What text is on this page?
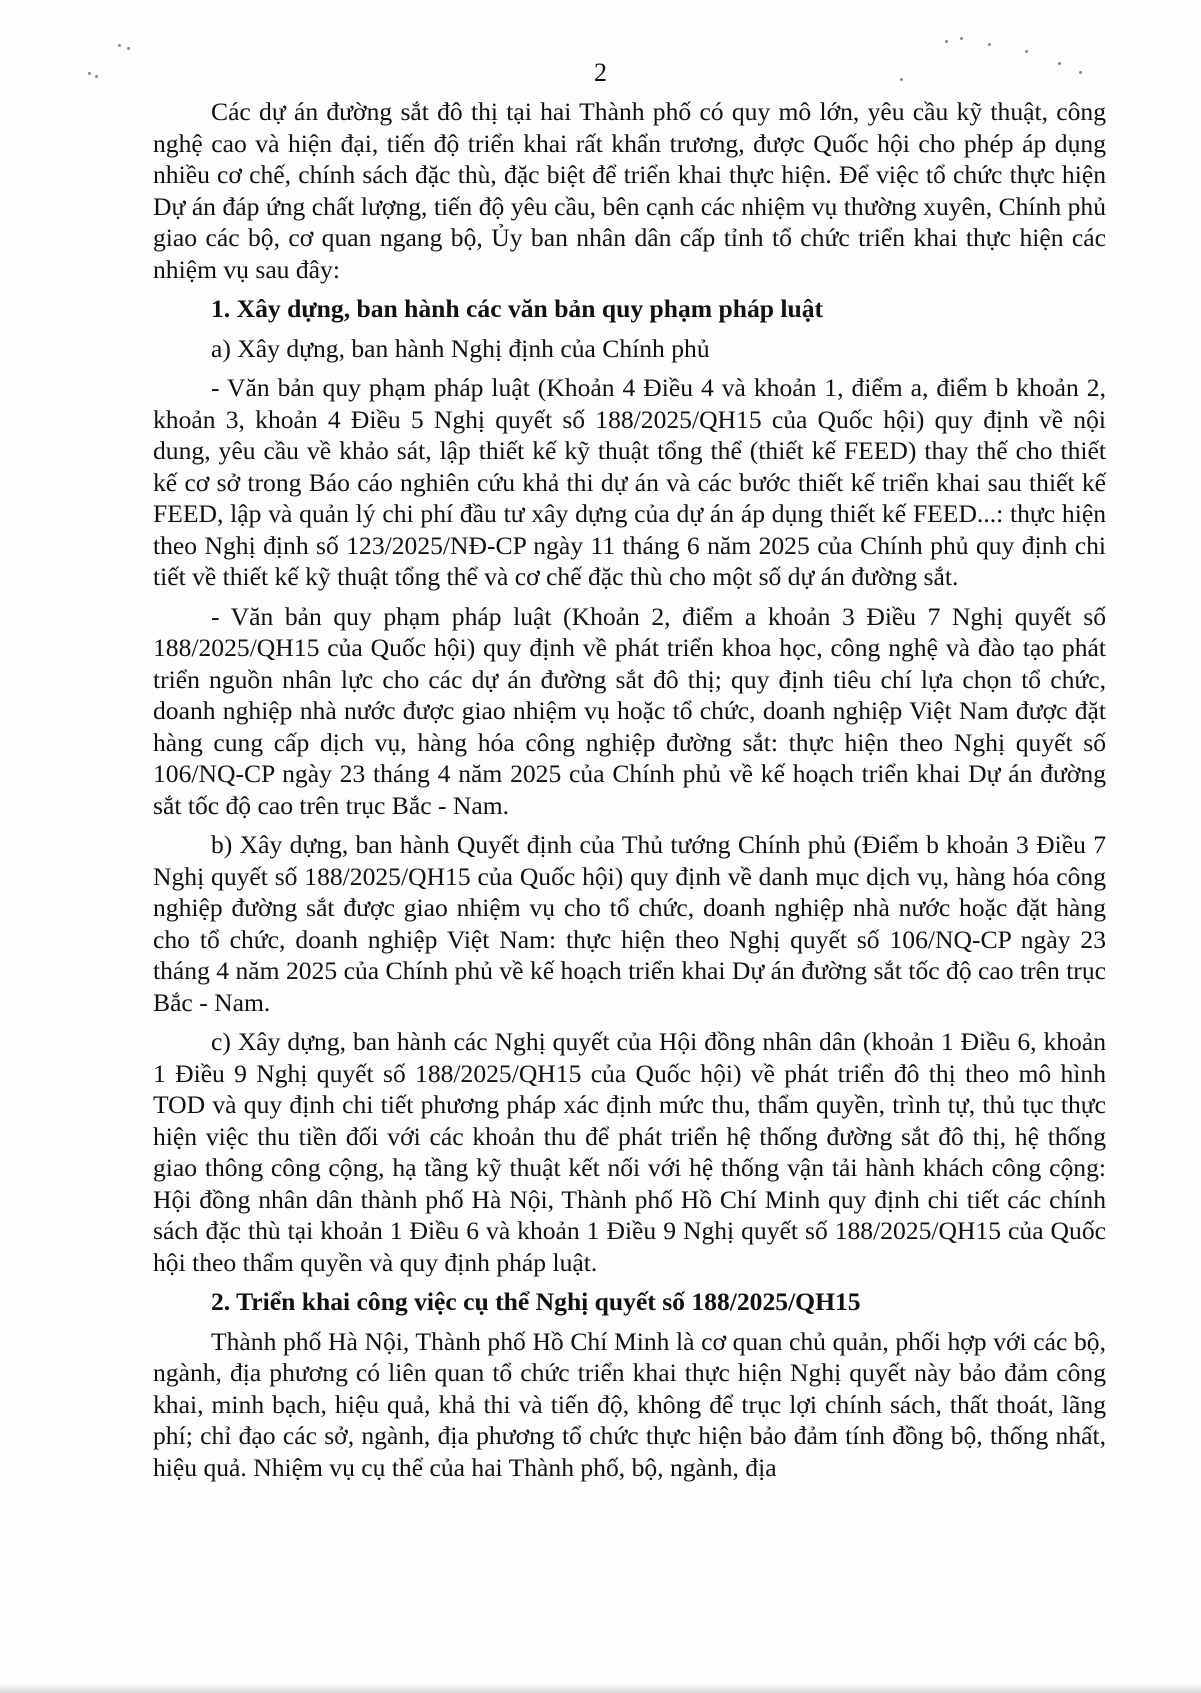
2

Các dự án đường sắt đô thị tại hai Thành phố có quy mô lớn, yêu cầu kỹ thuật, công nghệ cao và hiện đại, tiến độ triển khai rất khẩn trương, được Quốc hội cho phép áp dụng nhiều cơ chế, chính sách đặc thù, đặc biệt để triển khai thực hiện. Để việc tổ chức thực hiện Dự án đáp ứng chất lượng, tiến độ yêu cầu, bên cạnh các nhiệm vụ thường xuyên, Chính phủ giao các bộ, cơ quan ngang bộ, Ủy ban nhân dân cấp tỉnh tổ chức triển khai thực hiện các nhiệm vụ sau đây:

1. Xây dựng, ban hành các văn bản quy phạm pháp luật

a) Xây dựng, ban hành Nghị định của Chính phủ

- Văn bản quy phạm pháp luật (Khoản 4 Điều 4 và khoản 1, điểm a, điểm b khoản 2, khoản 3, khoản 4 Điều 5 Nghị quyết số 188/2025/QH15 của Quốc hội) quy định về nội dung, yêu cầu về khảo sát, lập thiết kế kỹ thuật tổng thể (thiết kế FEED) thay thế cho thiết kế cơ sở trong Báo cáo nghiên cứu khả thi dự án và các bước thiết kế triển khai sau thiết kế FEED, lập và quản lý chi phí đầu tư xây dựng của dự án áp dụng thiết kế FEED...: thực hiện theo Nghị định số 123/2025/NĐ-CP ngày 11 tháng 6 năm 2025 của Chính phủ quy định chi tiết về thiết kế kỹ thuật tổng thể và cơ chế đặc thù cho một số dự án đường sắt.

- Văn bản quy phạm pháp luật (Khoản 2, điểm a khoản 3 Điều 7 Nghị quyết số 188/2025/QH15 của Quốc hội) quy định về phát triển khoa học, công nghệ và đào tạo phát triển nguồn nhân lực cho các dự án đường sắt đô thị; quy định tiêu chí lựa chọn tổ chức, doanh nghiệp nhà nước được giao nhiệm vụ hoặc tổ chức, doanh nghiệp Việt Nam được đặt hàng cung cấp dịch vụ, hàng hóa công nghiệp đường sắt: thực hiện theo Nghị quyết số 106/NQ-CP ngày 23 tháng 4 năm 2025 của Chính phủ về kế hoạch triển khai Dự án đường sắt tốc độ cao trên trục Bắc - Nam.

b) Xây dựng, ban hành Quyết định của Thủ tướng Chính phủ (Điểm b khoản 3 Điều 7 Nghị quyết số 188/2025/QH15 của Quốc hội) quy định về danh mục dịch vụ, hàng hóa công nghiệp đường sắt được giao nhiệm vụ cho tổ chức, doanh nghiệp nhà nước hoặc đặt hàng cho tổ chức, doanh nghiệp Việt Nam: thực hiện theo Nghị quyết số 106/NQ-CP ngày 23 tháng 4 năm 2025 của Chính phủ về kế hoạch triển khai Dự án đường sắt tốc độ cao trên trục Bắc - Nam.

c) Xây dựng, ban hành các Nghị quyết của Hội đồng nhân dân (khoản 1 Điều 6, khoản 1 Điều 9 Nghị quyết số 188/2025/QH15 của Quốc hội) về phát triển đô thị theo mô hình TOD và quy định chi tiết phương pháp xác định mức thu, thẩm quyền, trình tự, thủ tục thực hiện việc thu tiền đối với các khoản thu để phát triển hệ thống đường sắt đô thị, hệ thống giao thông công cộng, hạ tầng kỹ thuật kết nối với hệ thống vận tải hành khách công cộng: Hội đồng nhân dân thành phố Hà Nội, Thành phố Hồ Chí Minh quy định chi tiết các chính sách đặc thù tại khoản 1 Điều 6 và khoản 1 Điều 9 Nghị quyết số 188/2025/QH15 của Quốc hội theo thẩm quyền và quy định pháp luật.

2. Triển khai công việc cụ thể Nghị quyết số 188/2025/QH15

Thành phố Hà Nội, Thành phố Hồ Chí Minh là cơ quan chủ quản, phối hợp với các bộ, ngành, địa phương có liên quan tổ chức triển khai thực hiện Nghị quyết này bảo đảm công khai, minh bạch, hiệu quả, khả thi và tiến độ, không để trục lợi chính sách, thất thoát, lãng phí; chỉ đạo các sở, ngành, địa phương tổ chức thực hiện bảo đảm tính đồng bộ, thống nhất, hiệu quả. Nhiệm vụ cụ thể của hai Thành phố, bộ, ngành, địa
